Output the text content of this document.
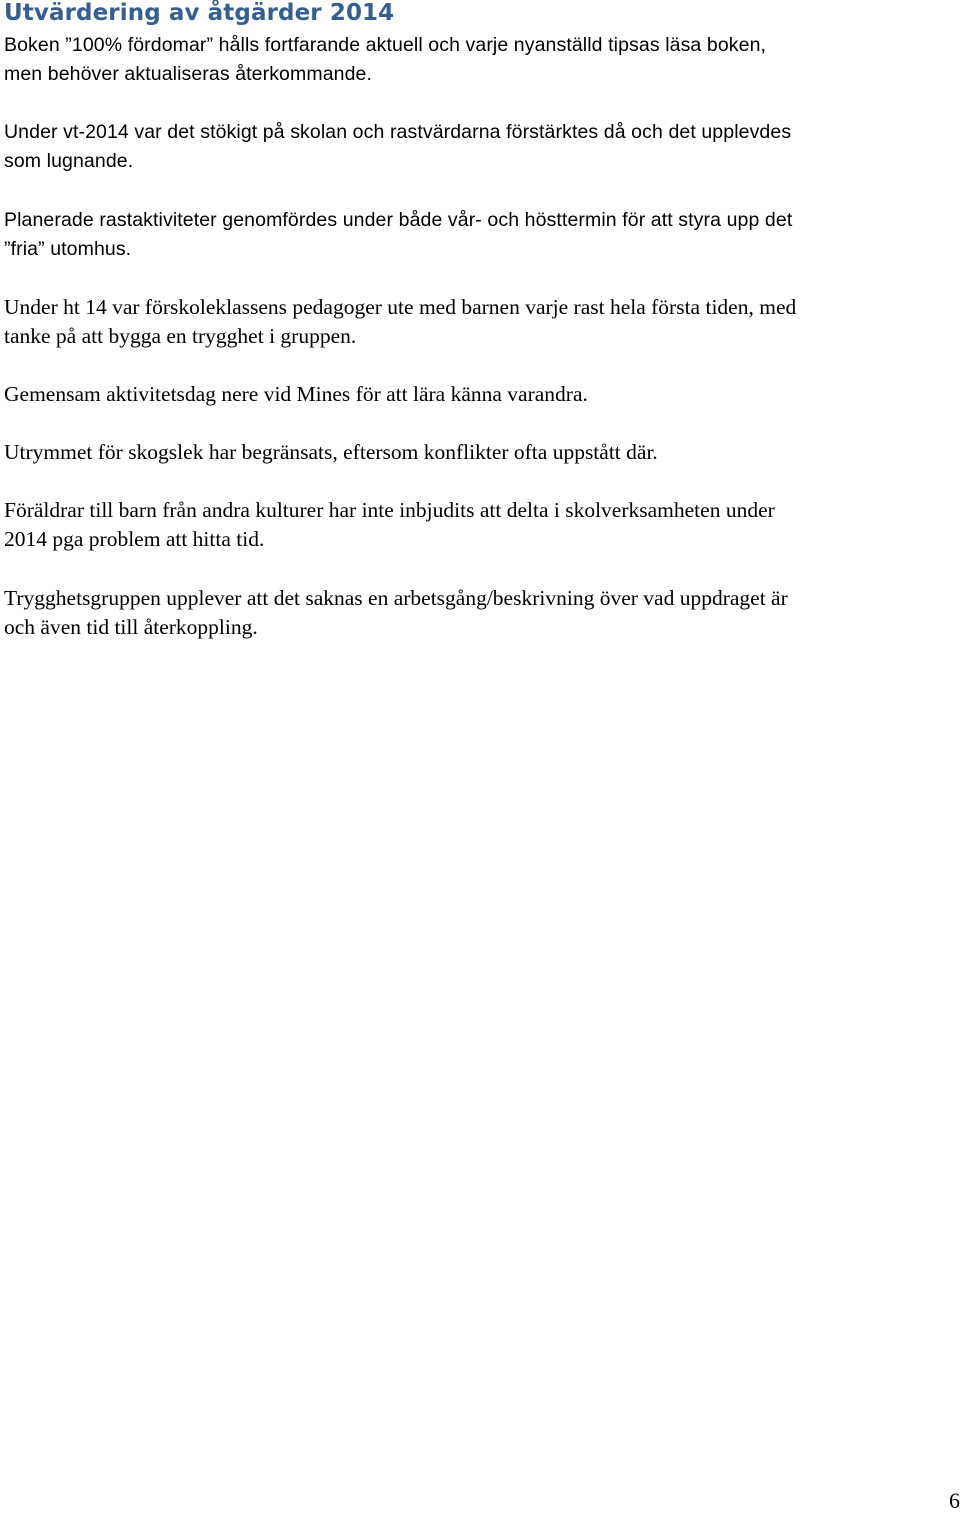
Utvärdering av åtgärder 2014

Boken ”100% fördomar” hålls fortfarande aktuell och varje nyanställd tipsas läsa boken,
men behöver aktualiseras återkommande.

Under vt-2014 var det stökigt på skolan och rastvärdarna förstärktes då och det upplevdes
som lugnande.

Planerade rastaktiviteter genomfördes under både vår- och hösttermin för att styra upp det
”fria” utomhus.

Under ht 14 var förskoleklassens pedagoger ute med barnen varje rast hela första tiden, med
tanke på att bygga en trygghet i gruppen.

Gemensam aktivitetsdag nere vid Mines för att lära känna varandra.

Utrymmet för skogslek har begränsats, eftersom konflikter ofta uppstått där.

Föräldrar till barn från andra kulturer har inte inbjudits att delta i skolverksamheten under
2014 pga problem att hitta tid.

Trygghetsgruppen upplever att det saknas en arbetsgång/beskrivning över vad uppdraget är
och även tid till återkoppling.

6
